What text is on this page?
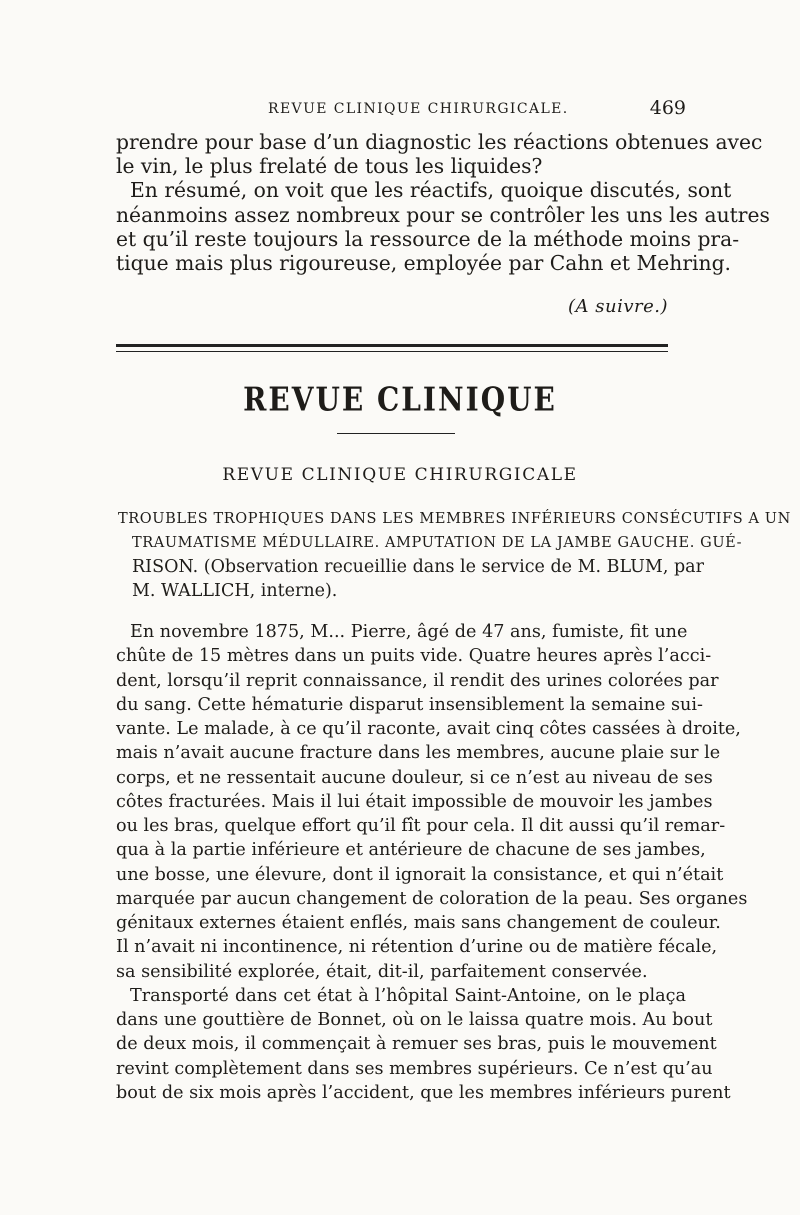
REVUE CLINIQUE CHIRURGICALE.	469
prendre pour base d’un diagnostic les réactions obtenues avec
le vin, le plus frelaté de tous les liquides?
En résumé, on voit que les réactifs, quoique discutés, sont
néanmoins assez nombreux pour se contrôler les uns les autres
et qu’il reste toujours la ressource de la méthode moins pra-
tique mais plus rigoureuse, employée par Cahn et Mehring.
(A suivre.)
REVUE CLINIQUE
REVUE CLINIQUE CHIRURGICALE
TROUBLES TROPHIQUES DANS LES MEMBRES INFÉRIEURS CONSÉCUTIFS A UN
TRAUMATISME MÉDULLAIRE. AMPUTATION DE LA JAMBE GAUCHE. GUÉ-
RISON. (Observation recueillie dans le service de M. BLUM, par
M. WALLICH, interne).
En novembre 1875, M... Pierre, âgé de 47 ans, fumiste, fit une
chûte de 15 mètres dans un puits vide. Quatre heures après l’acci-
dent, lorsqu’il reprit connaissance, il rendit des urines colorées par
du sang. Cette hématurie disparut insensiblement la semaine sui-
vante. Le malade, à ce qu’il raconte, avait cinq côtes cassées à droite,
mais n’avait aucune fracture dans les membres, aucune plaie sur le
corps, et ne ressentait aucune douleur, si ce n’est au niveau de ses
côtes fracturées. Mais il lui était impossible de mouvoir les jambes
ou les bras, quelque effort qu’il fît pour cela. Il dit aussi qu’il remar-
qua à la partie inférieure et antérieure de chacune de ses jambes,
une bosse, une élevure, dont il ignorait la consistance, et qui n’était
marquée par aucun changement de coloration de la peau. Ses organes
génitaux externes étaient enflés, mais sans changement de couleur.
Il n’avait ni incontinence, ni rétention d’urine ou de matière fécale,
sa sensibilité explorée, était, dit-il, parfaitement conservée.
Transporté dans cet état à l’hôpital Saint-Antoine, on le plaça
dans une gouttière de Bonnet, où on le laissa quatre mois. Au bout
de deux mois, il commençait à remuer ses bras, puis le mouvement
revint complètement dans ses membres supérieurs. Ce n’est qu’au
bout de six mois après l’accident, que les membres inférieurs purent
